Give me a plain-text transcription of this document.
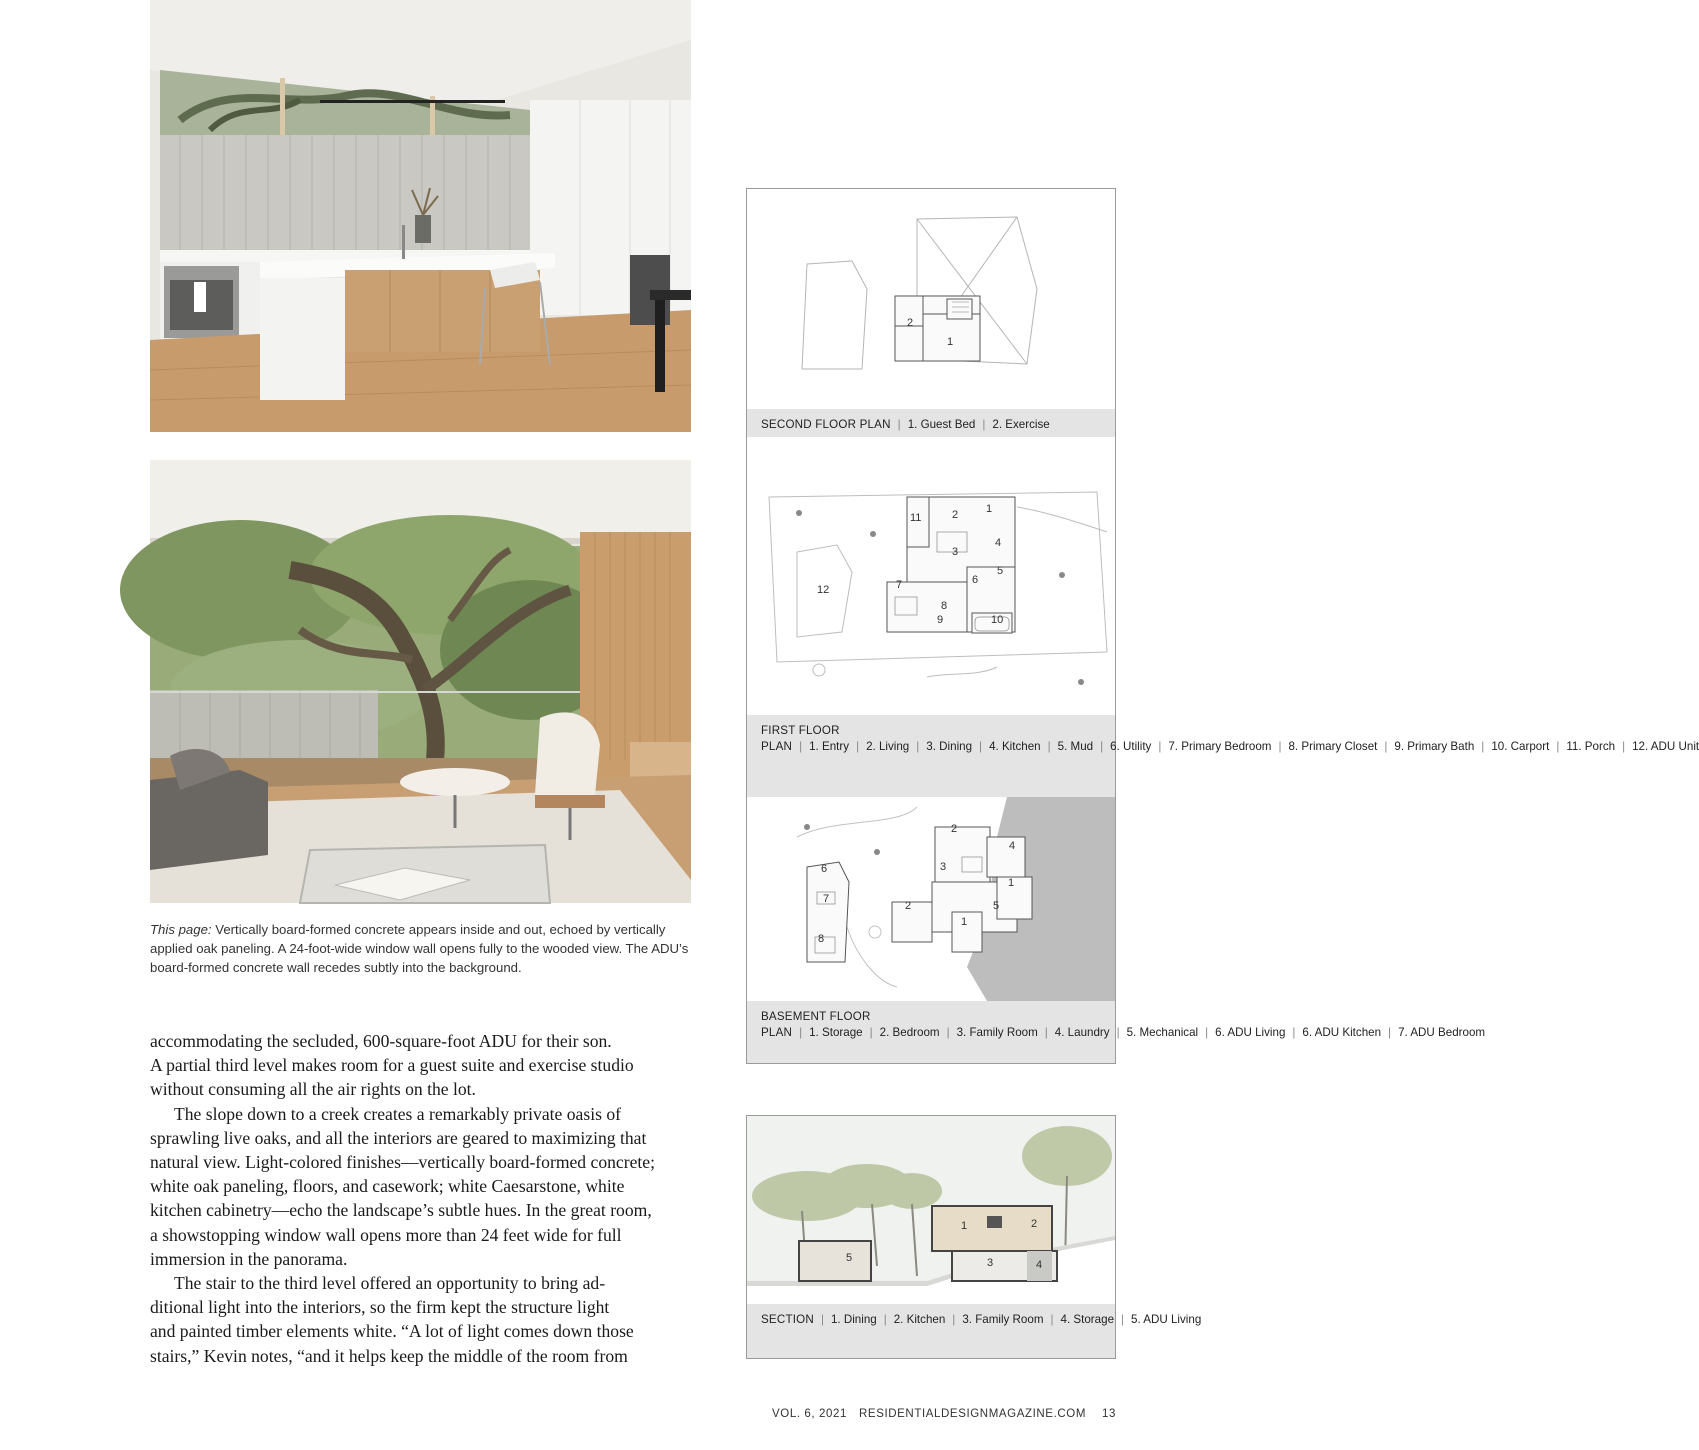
This page: Vertically board-formed concrete appears inside and out, echoed by vertically applied oak paneling. A 24-foot-wide window wall opens fully to the wooded view. The ADU’s board-formed concrete wall recedes subtly into the background.

accommodating the secluded, 600-square-foot ADU for their son.
A partial third level makes room for a guest suite and exercise studio
without consuming all the air rights on the lot.

The slope down to a creek creates a remarkably private oasis of
sprawling live oaks, and all the interiors are geared to maximizing that
natural view. Light-colored finishes—vertically board-formed concrete;
white oak paneling, floors, and casework; white Caesarstone, white
kitchen cabinetry—echo the landscape’s subtle hues. In the great room,
a showstopping window wall opens more than 24 feet wide for full
immersion in the panorama.

The stair to the third level offered an opportunity to bring ad-
ditional light into the interiors, so the firm kept the structure light
and painted timber elements white. “A lot of light comes down those
stairs,” Kevin notes, “and it helps keep the middle of the room from

2
1
SECOND FLOOR PLAN | 1. Guest Bed | 2. Exercise
11	2	1
3
4
5
6
7
8
9	10
12
FIRST FLOOR PLAN | 1. Entry | 2. Living | 3. Dining | 4. Kitchen | 5. Mud | 6. Utility | 7. Primary Bedroom | 8. Primary Closet | 9. Primary Bath | 10. Carport | 11. Porch | 12. ADU Unit
2
4
3
1
6
7
2	5
1
8
BASEMENT FLOOR PLAN | 1. Storage | 2. Bedroom | 3. Family Room | 4. Laundry | 5. Mechanical | 6. ADU Living | 6. ADU Kitchen | 7. ADU Bedroom
5
1	2
3	4
SECTION | 1. Dining | 2. Kitchen | 3. Family Room | 4. Storage | 5. ADU Living
VOL. 6, 2021 RESIDENTIALDESIGNMAGAZINE.COM 13
